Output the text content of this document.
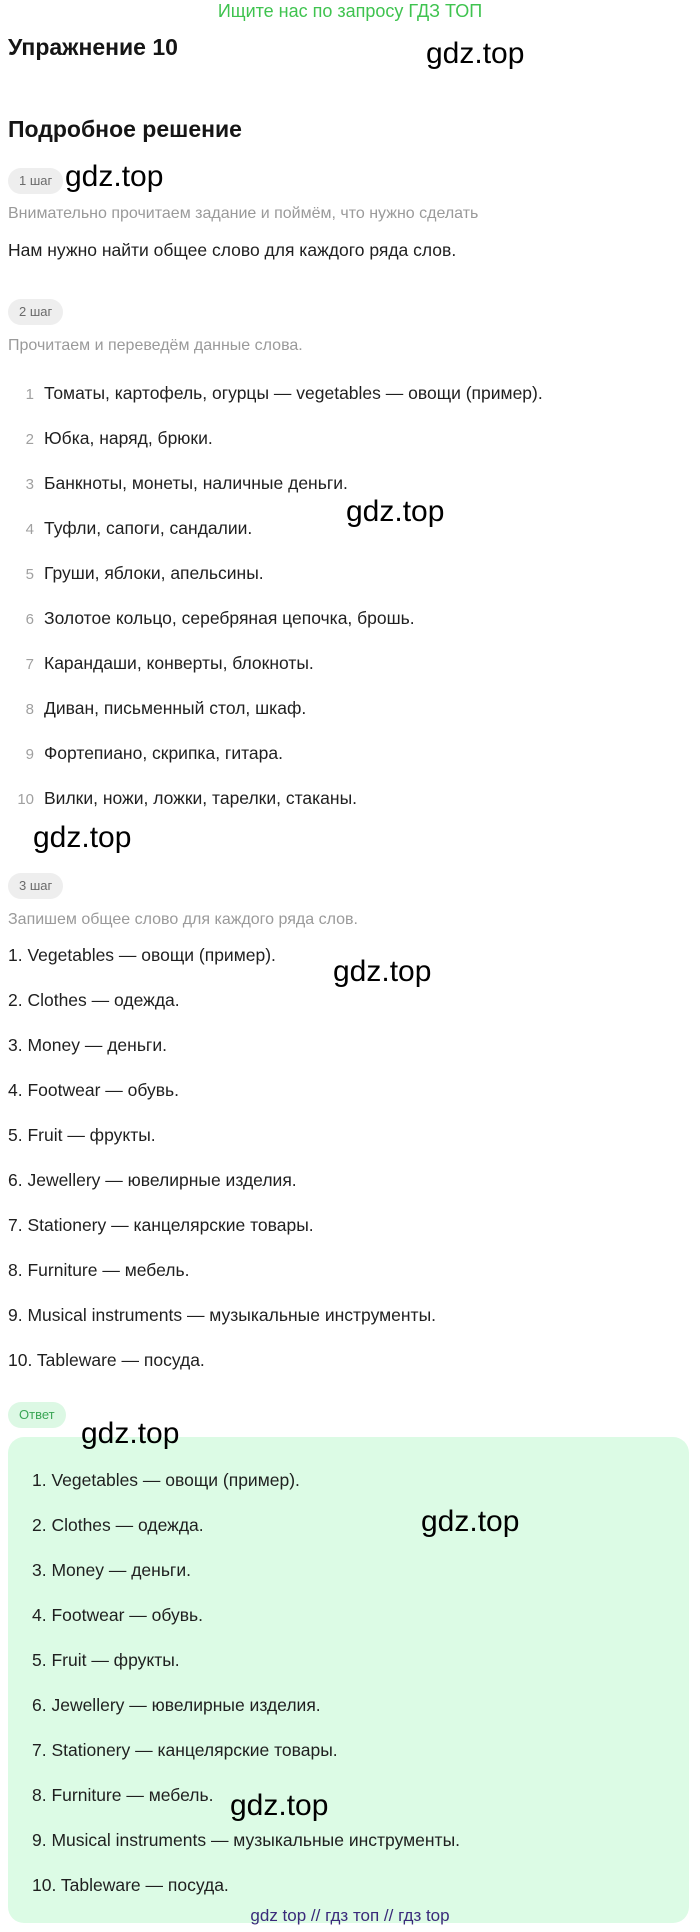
Ищите нас по запросу ГДЗ ТОП
Упражнение 10
Подробное решение
gdz.top
gdz.top
gdz.top
gdz.top
gdz.top
1 шаг
Внимательно прочитаем задание и поймём, что нужно сделать
Нам нужно найти общее слово для каждого ряда слов.
2 шаг
Прочитаем и переведём данные слова.
1 Томаты, картофель, огурцы — vegetables — овощи (пример).
2 Юбка, наряд, брюки.
3 Банкноты, монеты, наличные деньги.
4 Туфли, сапоги, сандалии.
5 Груши, яблоки, апельсины.
6 Золотое кольцо, серебряная цепочка, брошь.
7 Карандаши, конверты, блокноты.
8 Диван, письменный стол, шкаф.
9 Фортепиано, скрипка, гитара.
10 Вилки, ножи, ложки, тарелки, стаканы.
3 шаг
Запишем общее слово для каждого ряда слов.
1. Vegetables — овощи (пример).
2. Clothes — одежда.
3. Money — деньги.
4. Footwear — обувь.
5. Fruit — фрукты.
6. Jewellery — ювелирные изделия.
7. Stationery — канцелярские товары.
8. Furniture — мебель.
9. Musical instruments — музыкальные инструменты.
10. Tableware — посуда.
Ответ
1. Vegetables — овощи (пример).
2. Clothes — одежда.
3. Money — деньги.
4. Footwear — обувь.
5. Fruit — фрукты.
6. Jewellery — ювелирные изделия.
7. Stationery — канцелярские товары.
8. Furniture — мебель.
9. Musical instruments — музыкальные инструменты.
10. Tableware — посуда.
gdz.top
gdz.top
gdz.top
gdz top // гдз топ // гдз top
